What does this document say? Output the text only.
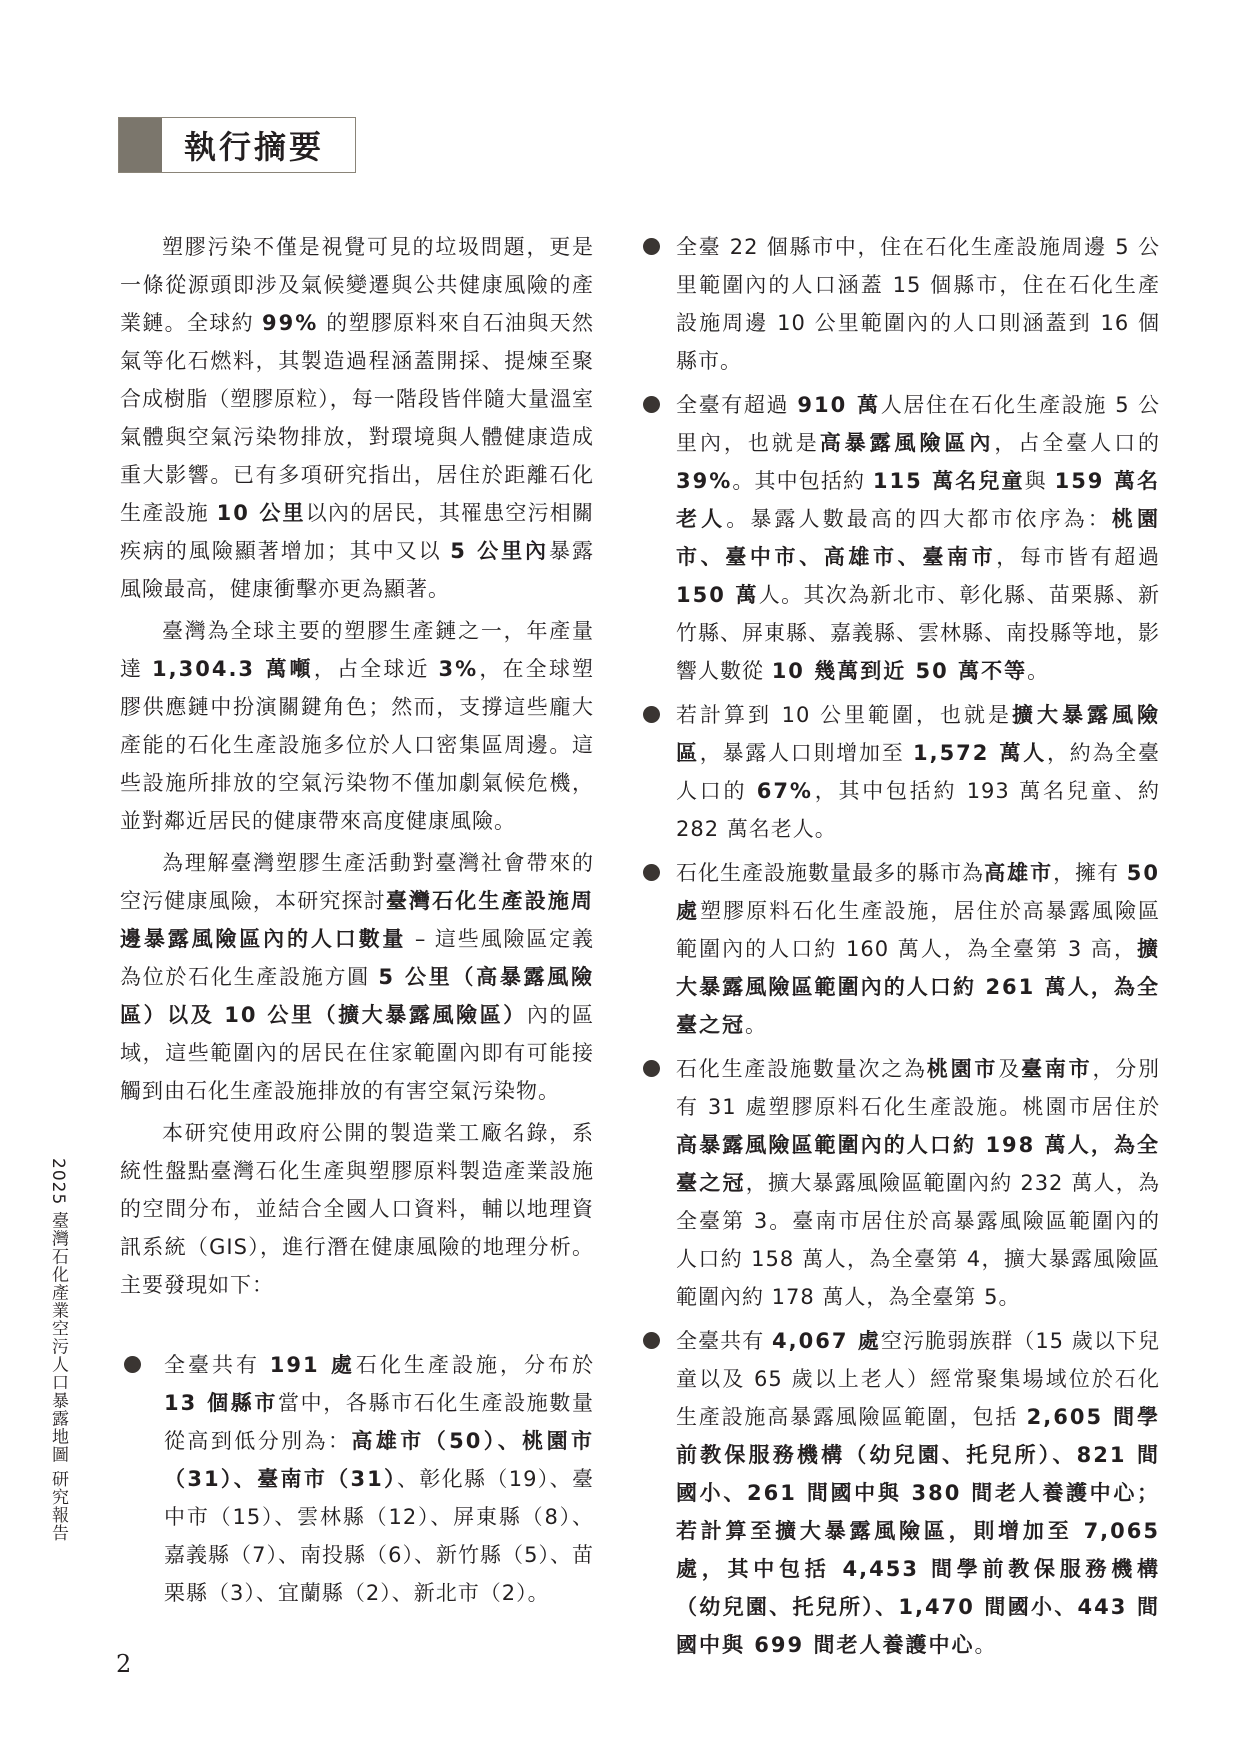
執行摘要

塑膠污染不僅是視覺可見的垃圾問題，更是一條從源頭即涉及氣候變遷與公共健康風險的產業鏈。全球約 99% 的塑膠原料來自石油與天然氣等化石燃料，其製造過程涵蓋開採、提煉至聚合成樹脂（塑膠原粒），每一階段皆伴隨大量溫室氣體與空氣污染物排放，對環境與人體健康造成重大影響。已有多項研究指出，居住於距離石化生產設施 10 公里以內的居民，其罹患空污相關疾病的風險顯著增加；其中又以 5 公里內暴露風險最高，健康衝擊亦更為顯著。

臺灣為全球主要的塑膠生產鏈之一，年產量達 1,304.3 萬噸，占全球近 3%，在全球塑膠供應鏈中扮演關鍵角色；然而，支撐這些龐大產能的石化生產設施多位於人口密集區周邊。這些設施所排放的空氣污染物不僅加劇氣候危機，並對鄰近居民的健康帶來高度健康風險。

為理解臺灣塑膠生產活動對臺灣社會帶來的空污健康風險，本研究探討臺灣石化生產設施周邊暴露風險區內的人口數量 – 這些風險區定義為位於石化生產設施方圓 5 公里（高暴露風險區）以及 10 公里（擴大暴露風險區）內的區域，這些範圍內的居民在住家範圍內即有可能接觸到由石化生產設施排放的有害空氣污染物。

本研究使用政府公開的製造業工廠名錄，系統性盤點臺灣石化生產與塑膠原料製造產業設施的空間分布，並結合全國人口資料，輔以地理資訊系統（GIS），進行潛在健康風險的地理分析。主要發現如下：

全臺共有 191 處石化生產設施，分布於 13 個縣市當中，各縣市石化生產設施數量從高到低分別為：高雄市（50）、桃園市（31）、臺南市（31）、彰化縣（19）、臺中市（15）、雲林縣（12）、屏東縣（8）、嘉義縣（7）、南投縣（6）、新竹縣（5）、苗栗縣（3）、宜蘭縣（2）、新北市（2）。
全臺 22 個縣市中，住在石化生產設施周邊 5 公里範圍內的人口涵蓋 15 個縣市，住在石化生產設施周邊 10 公里範圍內的人口則涵蓋到 16 個縣市。
全臺有超過 910 萬人居住在石化生產設施 5 公里內，也就是高暴露風險區內，占全臺人口的 39%。其中包括約 115 萬名兒童與 159 萬名老人。暴露人數最高的四大都市依序為：桃園市、臺中市、高雄市、臺南市，每市皆有超過 150 萬人。其次為新北市、彰化縣、苗栗縣、新竹縣、屏東縣、嘉義縣、雲林縣、南投縣等地，影響人數從 10 幾萬到近 50 萬不等。
若計算到 10 公里範圍，也就是擴大暴露風險區，暴露人口則增加至 1,572 萬人，約為全臺人口的 67%，其中包括約 193 萬名兒童、約 282 萬名老人。
石化生產設施數量最多的縣市為高雄市，擁有 50 處塑膠原料石化生產設施，居住於高暴露風險區範圍內的人口約 160 萬人，為全臺第 3 高，擴大暴露風險區範圍內的人口約 261 萬人，為全臺之冠。
石化生產設施數量次之為桃園市及臺南市，分別有 31 處塑膠原料石化生產設施。桃園市居住於高暴露風險區範圍內的人口約 198 萬人，為全臺之冠，擴大暴露風險區範圍內約 232 萬人，為全臺第 3。臺南市居住於高暴露風險區範圍內的人口約 158 萬人，為全臺第 4，擴大暴露風險區範圍內約 178 萬人，為全臺第 5。
全臺共有 4,067 處空污脆弱族群（15 歲以下兒童以及 65 歲以上老人）經常聚集場域位於石化生產設施高暴露風險區範圍，包括 2,605 間學前教保服務機構（幼兒園、托兒所）、821 間國小、261 間國中與 380 間老人養護中心；若計算至擴大暴露風險區，則增加至 7,065 處，其中包括 4,453 間學前教保服務機構（幼兒園、托兒所）、1,470 間國小、443 間國中與 699 間老人養護中心。
2025 臺灣石化產業空污人口暴露地圖 研究報告
2
